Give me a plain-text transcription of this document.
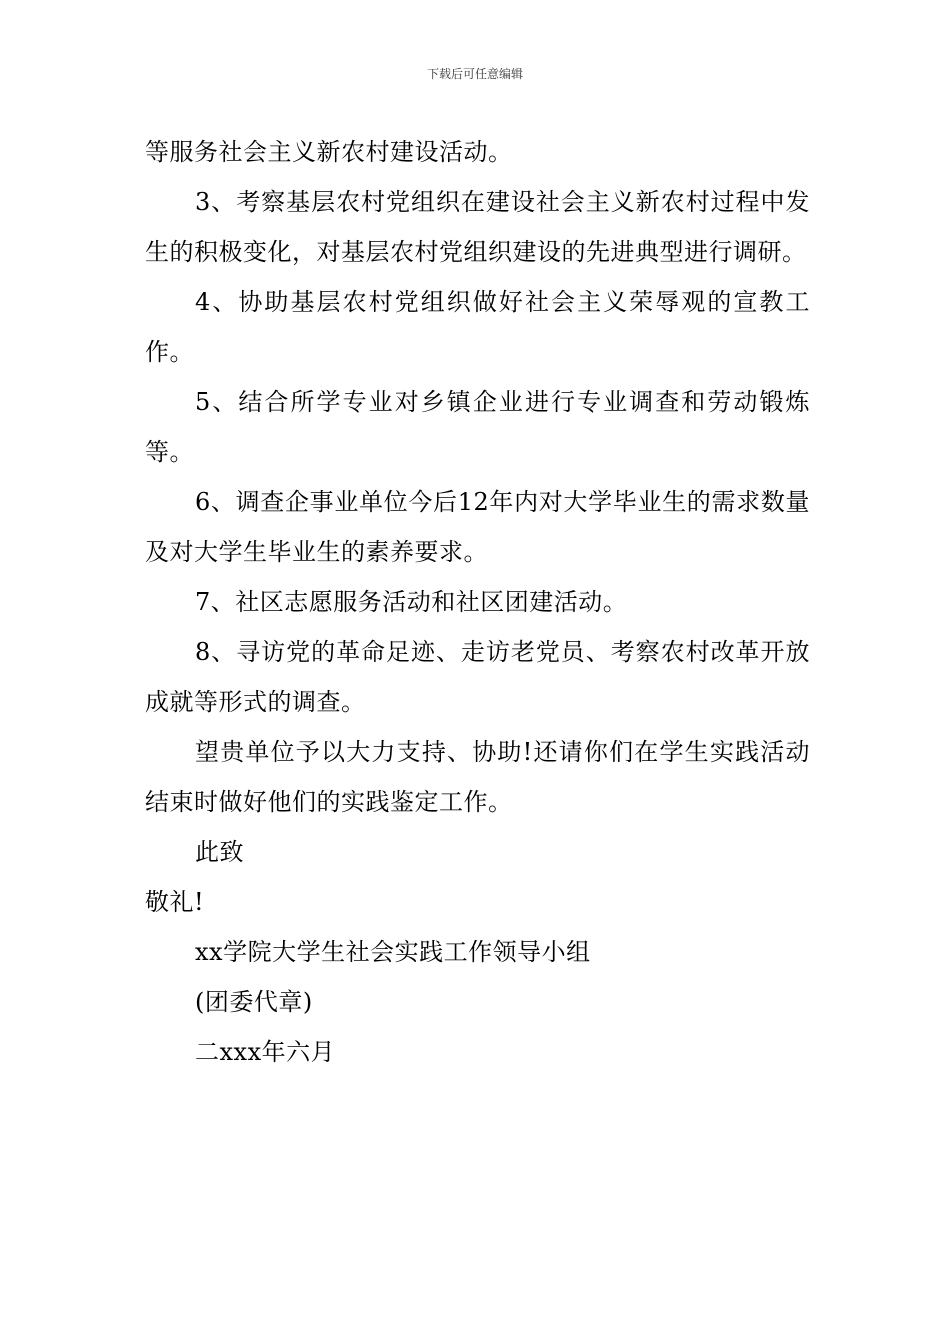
下载后可任意编辑

等服务社会主义新农村建设活动。

3、考察基层农村党组织在建设社会主义新农村过程中发生的积极变化，对基层农村党组织建设的先进典型进行调研。

4、协助基层农村党组织做好社会主义荣辱观的宣教工作。

5、结合所学专业对乡镇企业进行专业调查和劳动锻炼等。

6、调查企事业单位今后12年内对大学毕业生的需求数量及对大学生毕业生的素养要求。

7、社区志愿服务活动和社区团建活动。

8、寻访党的革命足迹、走访老党员、考察农村改革开放成就等形式的调查。

望贵单位予以大力支持、协助!还请你们在学生实践活动结束时做好他们的实践鉴定工作。

此致

敬礼!

xx学院大学生社会实践工作领导小组

(团委代章)

二xxx年六月
